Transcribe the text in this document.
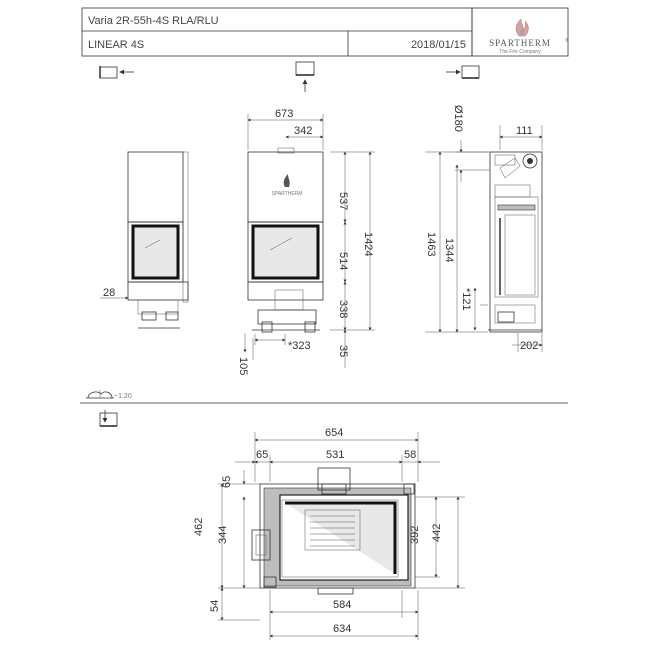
Varia 2R-55h-4S RLA/RLU
LINEAR 4S	2018/01/15	SPARTHERM	®
The Fire Company
28
SPARTHERM
673
342
537
514
338
1424
35
*323
105
Ø180	111
1463 1344
*121
202
~1:20
654
65	531	58
462 344
65
54
392 442
584
634
